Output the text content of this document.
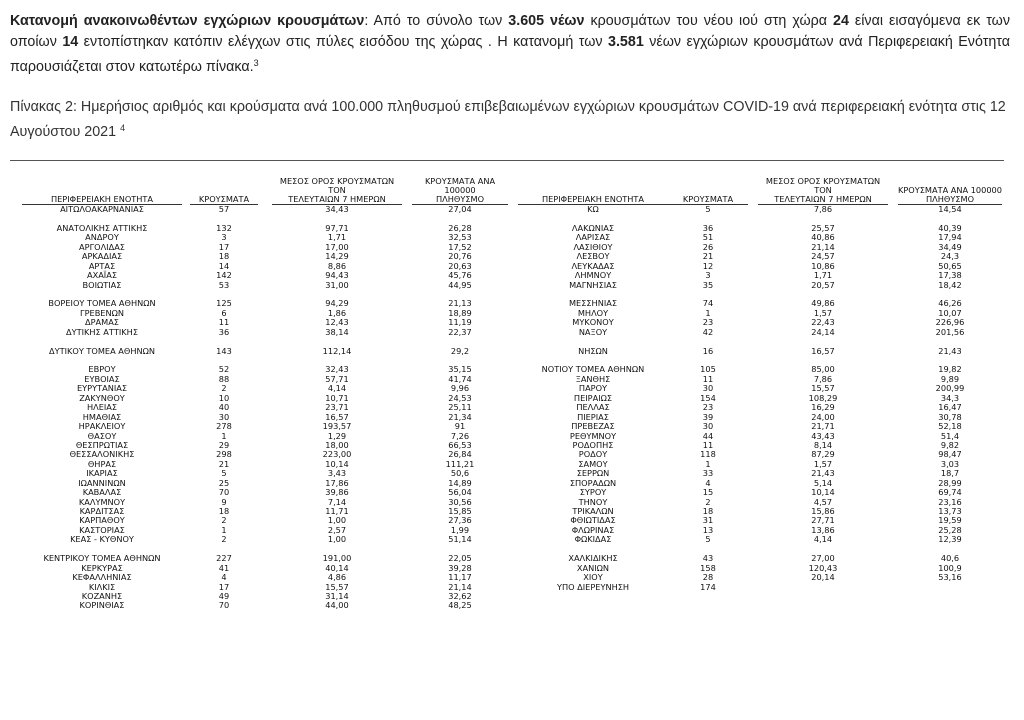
Κατανομή ανακοινωθέντων εγχώριων κρουσμάτων: Από το σύνολο των 3.605 νέων κρουσμάτων του νέου ιού στη χώρα 24 είναι εισαγόμενα εκ των οποίων 14 εντοπίστηκαν κατόπιν ελέγχων στις πύλες εισόδου της χώρας . Η κατανομή των 3.581 νέων εγχώριων κρουσμάτων ανά Περιφερειακή Ενότητα παρουσιάζεται στον κατωτέρω πίνακα.$^3$
Πίνακας 2: Ημερήσιος αριθμός και κρούσματα ανά 100.000 πληθυσμού επιβεβαιωμένων εγχώριων κρουσμάτων COVID-19 ανά περιφερειακή ενότητα στις 12 Αυγούστου 2021 $^4$
ΠΕΡΙΦΕΡΕΙΑΚΗ ΕΝΟΤΗΤΑ	ΚΡΟΥΣΜΑΤΑ
ΜΕΣΟΣ ΟΡΟΣ ΚΡΟΥΣΜΑΤΩΝ ΤΟΝ
ΤΕΛΕΥΤΑΙΩΝ 7 ΗΜΕΡΩΝ
ΚΡΟΥΣΜΑΤΑ ΑΝΑ 100000
ΠΛΗΘΥΣΜΟ
ΑΙΤΩΛΟΑΚΑΡΝΑΝΙΑΣ	57	34,43	27,04
ΑΝΑΤΟΛΙΚΗΣ ΑΤΤΙΚΗΣ	132	97,71	26,28
ΑΝΔΡΟΥ	3	1,71	32,53
ΑΡΓΟΛΙΔΑΣ	17	17,00	17,52
ΑΡΚΑΔΙΑΣ	18	14,29	20,76
ΑΡΤΑΣ	14	8,86	20,63
ΑΧΑΪΑΣ	142	94,43	45,76
ΒΟΙΩΤΙΑΣ	53	31,00	44,95
ΒΟΡΕΙΟΥ ΤΟΜΕΑ ΑΘΗΝΩΝ	125	94,29	21,13
ΓΡΕΒΕΝΩΝ	6	1,86	18,89
ΔΡΑΜΑΣ	11	12,43	11,19
ΔΥΤΙΚΗΣ ΑΤΤΙΚΗΣ	36	38,14	22,37
ΔΥΤΙΚΟΥ ΤΟΜΕΑ ΑΘΗΝΩΝ	143	112,14	29,2
ΕΒΡΟΥ	52	32,43	35,15
ΕΥΒΟΙΑΣ	88	57,71	41,74
ΕΥΡΥΤΑΝΙΑΣ	2	4,14	9,96
ΖΑΚΥΝΘΟΥ	10	10,71	24,53
ΗΛΕΙΑΣ	40	23,71	25,11
ΗΜΑΘΙΑΣ	30	16,57	21,34
ΗΡΑΚΛΕΙΟΥ	278	193,57	91
ΘΑΣΟΥ	1	1,29	7,26
ΘΕΣΠΡΩΤΙΑΣ	29	18,00	66,53
ΘΕΣΣΑΛΟΝΙΚΗΣ	298	223,00	26,84
ΘΗΡΑΣ	21	10,14	111,21
ΙΚΑΡΙΑΣ	5	3,43	50,6
ΙΩΑΝΝΙΝΩΝ	25	17,86	14,89
ΚΑΒΑΛΑΣ	70	39,86	56,04
ΚΑΛΥΜΝΟΥ	9	7,14	30,56
ΚΑΡΔΙΤΣΑΣ	18	11,71	15,85
ΚΑΡΠΑΘΟΥ	2	1,00	27,36
ΚΑΣΤΟΡΙΑΣ	1	2,57	1,99
ΚΕΑΣ - ΚΥΘΝΟΥ	2	1,00	51,14
ΚΕΝΤΡΙΚΟΥ ΤΟΜΕΑ ΑΘΗΝΩΝ	227	191,00	22,05
ΚΕΡΚΥΡΑΣ	41	40,14	39,28
ΚΕΦΑΛΛΗΝΙΑΣ	4	4,86	11,17
ΚΙΛΚΙΣ	17	15,57	21,14
ΚΟΖΑΝΗΣ	49	31,14	32,62
ΚΟΡΙΝΘΙΑΣ	70	44,00	48,25
ΠΕΡΙΦΕΡΕΙΑΚΗ ΕΝΟΤΗΤΑ	ΚΡΟΥΣΜΑΤΑ
ΜΕΣΟΣ ΟΡΟΣ ΚΡΟΥΣΜΑΤΩΝ ΤΟΝ
ΤΕΛΕΥΤΑΙΩΝ 7 ΗΜΕΡΩΝ
ΚΡΟΥΣΜΑΤΑ ΑΝΑ 100000
ΠΛΗΘΥΣΜΟ
ΚΩ	5	7,86	14,54
ΛΑΚΩΝΙΑΣ	36	25,57	40,39
ΛΑΡΙΣΑΣ	51	40,86	17,94
ΛΑΣΙΘΙΟΥ	26	21,14	34,49
ΛΕΣΒΟΥ	21	24,57	24,3
ΛΕΥΚΑΔΑΣ	12	10,86	50,65
ΛΗΜΝΟΥ	3	1,71	17,38
ΜΑΓΝΗΣΙΑΣ	35	20,57	18,42
ΜΕΣΣΗΝΙΑΣ	74	49,86	46,26
ΜΗΛΟΥ	1	1,57	10,07
ΜΥΚΟΝΟΥ	23	22,43	226,96
ΝΑΞΟΥ	42	24,14	201,56
ΝΗΣΩΝ	16	16,57	21,43
ΝΟΤΙΟΥ ΤΟΜΕΑ ΑΘΗΝΩΝ	105	85,00	19,82
ΞΑΝΘΗΣ	11	7,86	9,89
ΠΑΡΟΥ	30	15,57	200,99
ΠΕΙΡΑΙΩΣ	154	108,29	34,3
ΠΕΛΛΑΣ	23	16,29	16,47
ΠΙΕΡΙΑΣ	39	24,00	30,78
ΠΡΕΒΕΖΑΣ	30	21,71	52,18
ΡΕΘΥΜΝΟΥ	44	43,43	51,4
ΡΟΔΟΠΗΣ	11	8,14	9,82
ΡΟΔΟΥ	118	87,29	98,47
ΣΑΜΟΥ	1	1,57	3,03
ΣΕΡΡΩΝ	33	21,43	18,7
ΣΠΟΡΑΔΩΝ	4	5,14	28,99
ΣΥΡΟΥ	15	10,14	69,74
ΤΗΝΟΥ	2	4,57	23,16
ΤΡΙΚΑΛΩΝ	18	15,86	13,73
ΦΘΙΩΤΙΔΑΣ	31	27,71	19,59
ΦΛΩΡΙΝΑΣ	13	13,86	25,28
ΦΩΚΙΔΑΣ	5	4,14	12,39
ΧΑΛΚΙΔΙΚΗΣ	43	27,00	40,6
ΧΑΝΙΩΝ	158	120,43	100,9
ΧΙΟΥ	28	20,14	53,16
ΥΠΟ ΔΙΕΡΕΥΝΗΣΗ	174
